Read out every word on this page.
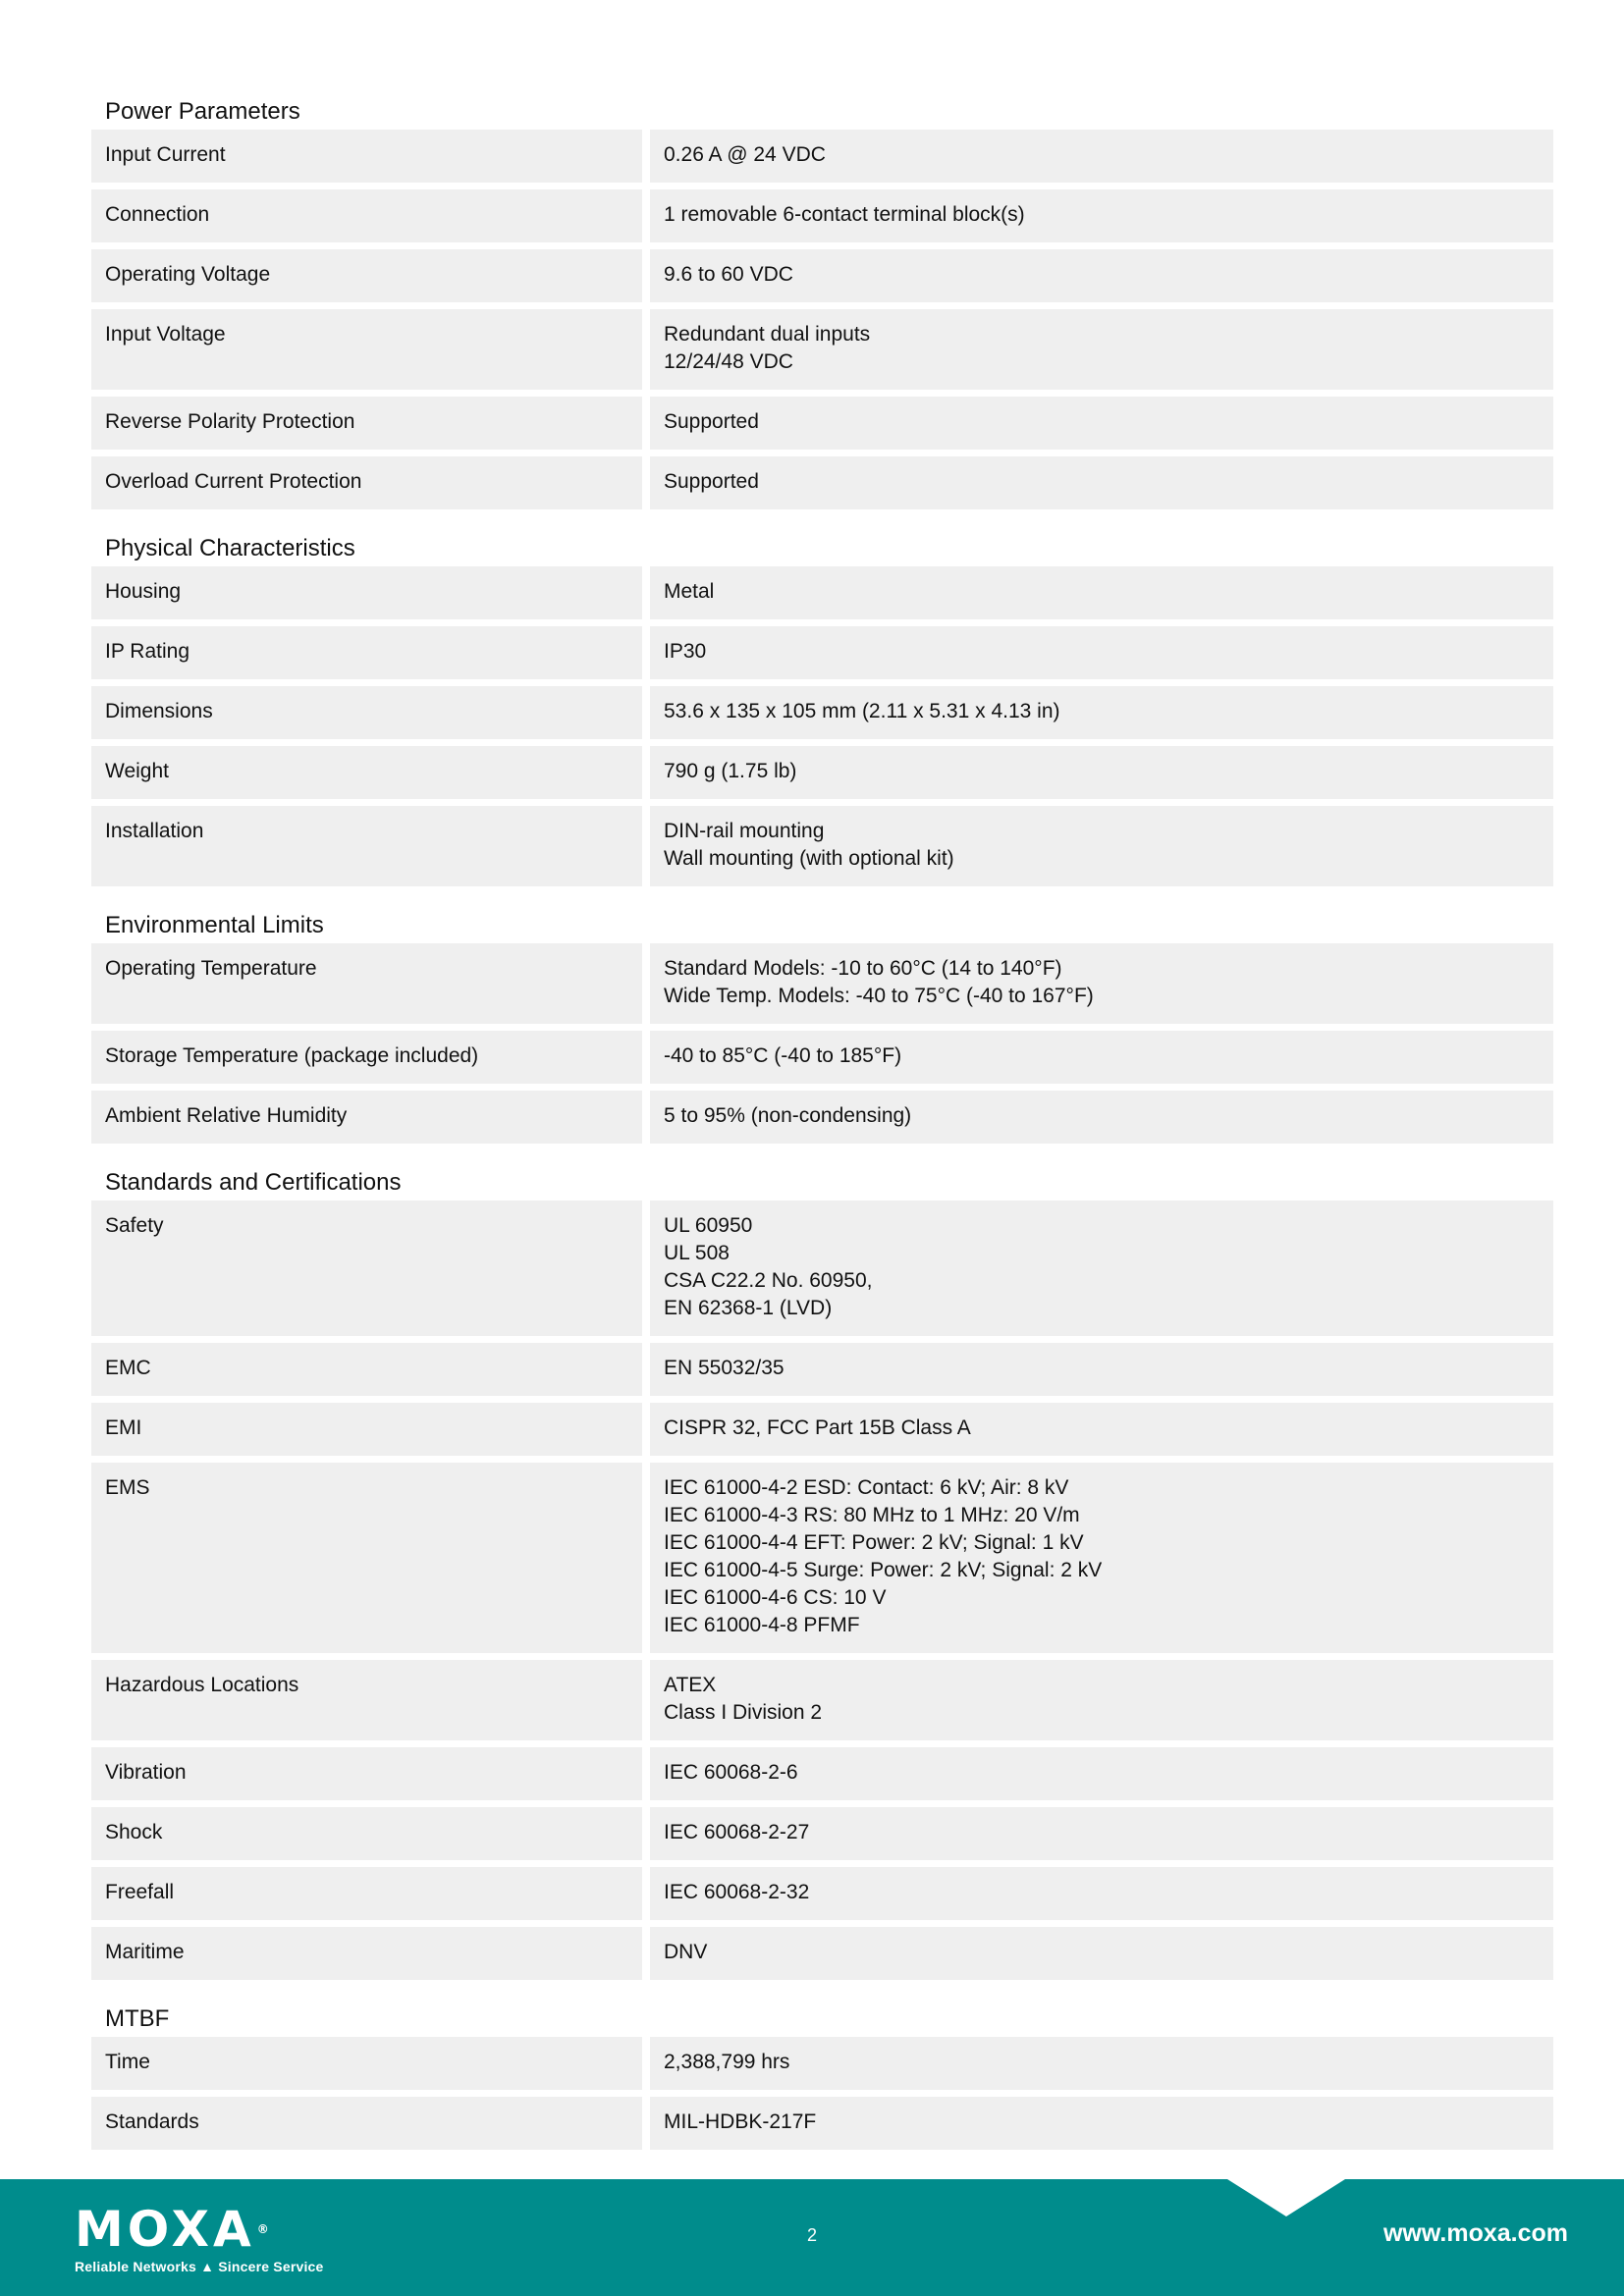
Power Parameters
Input Current	0.26 A @ 24 VDC
Connection	1 removable 6-contact terminal block(s)
Operating Voltage	9.6 to 60 VDC
Input Voltage	Redundant dual inputs
12/24/48 VDC
Reverse Polarity Protection	Supported
Overload Current Protection	Supported
Physical Characteristics
Housing	Metal
IP Rating	IP30
Dimensions	53.6 x 135 x 105 mm (2.11 x 5.31 x 4.13 in)
Weight	790 g (1.75 lb)
Installation	DIN-rail mounting
Wall mounting (with optional kit)
Environmental Limits
Operating Temperature	Standard Models: -10 to 60°C (14 to 140°F)
Wide Temp. Models: -40 to 75°C (-40 to 167°F)
Storage Temperature (package included)	-40 to 85°C (-40 to 185°F)
Ambient Relative Humidity	5 to 95% (non-condensing)
Standards and Certifications
Safety	UL 60950
UL 508
CSA C22.2 No. 60950,
EN 62368-1 (LVD)
EMC	EN 55032/35
EMI	CISPR 32, FCC Part 15B Class A
EMS	IEC 61000-4-2 ESD: Contact: 6 kV; Air: 8 kV
IEC 61000-4-3 RS: 80 MHz to 1 MHz: 20 V/m
IEC 61000-4-4 EFT: Power: 2 kV; Signal: 1 kV
IEC 61000-4-5 Surge: Power: 2 kV; Signal: 2 kV
IEC 61000-4-6 CS: 10 V
IEC 61000-4-8 PFMF
Hazardous Locations	ATEX
Class I Division 2
Vibration	IEC 60068-2-6
Shock	IEC 60068-2-27
Freefall	IEC 60068-2-32
Maritime	DNV
MTBF
Time	2,388,799 hrs
Standards	MIL-HDBK-217F
MOXA ®
Reliable Networks ▲ Sincere Service
2	www.moxa.com
